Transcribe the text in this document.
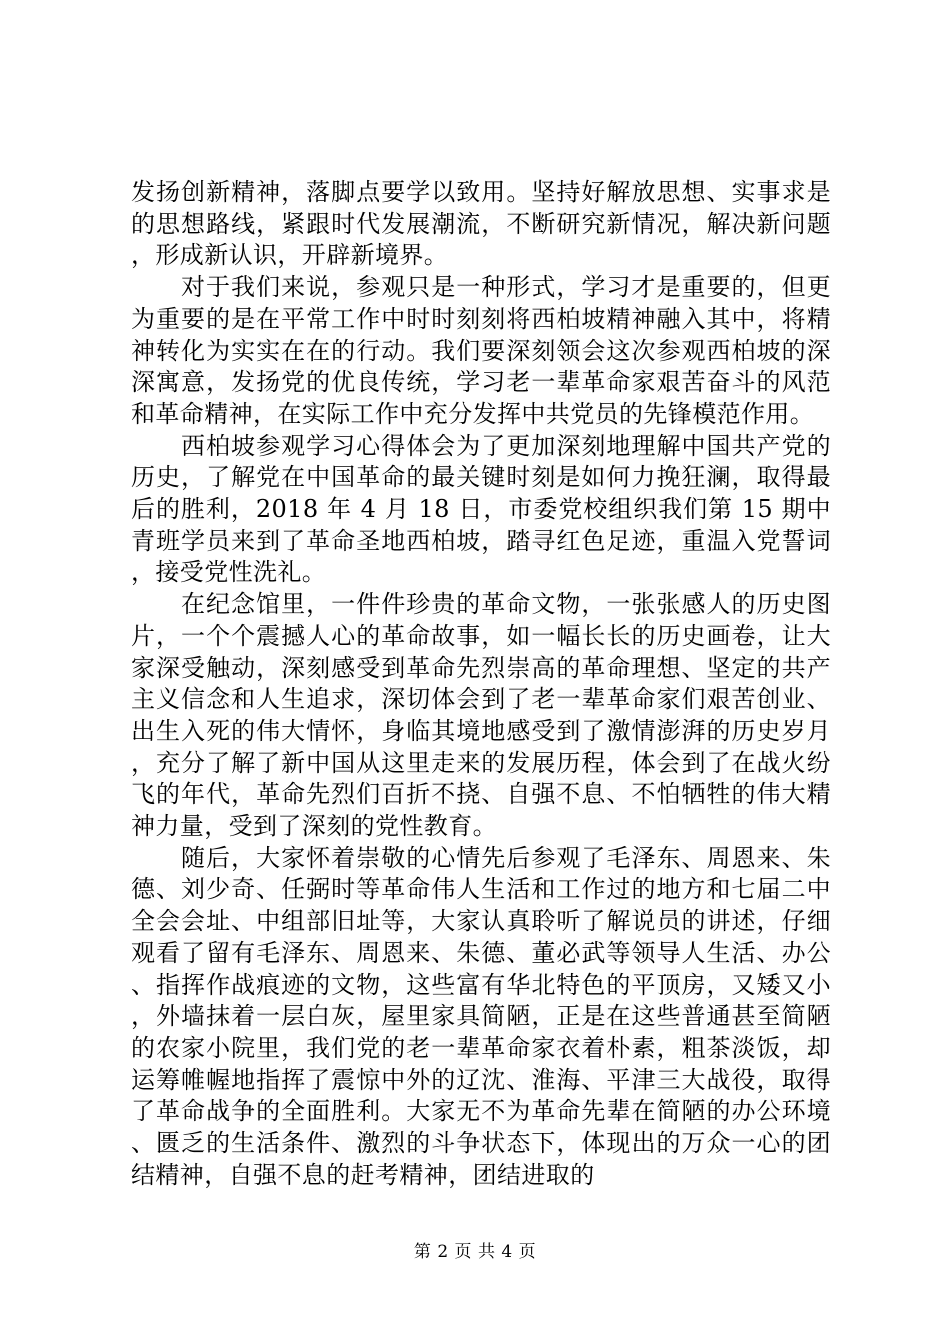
发扬创新精神，落脚点要学以致用。坚持好解放思想、实事求是的思想路线，紧跟时代发展潮流，不断研究新情况，解决新问题，形成新认识，开辟新境界。

对于我们来说，参观只是一种形式，学习才是重要的，但更为重要的是在平常工作中时时刻刻将西柏坡精神融入其中，将精神转化为实实在在的行动。我们要深刻领会这次参观西柏坡的深深寓意，发扬党的优良传统，学习老一辈革命家艰苦奋斗的风范和革命精神，在实际工作中充分发挥中共党员的先锋模范作用。

西柏坡参观学习心得体会为了更加深刻地理解中国共产党的历史，了解党在中国革命的最关键时刻是如何力挽狂澜，取得最后的胜利，2018 年 4 月 18 日，市委党校组织我们第 15 期中青班学员来到了革命圣地西柏坡，踏寻红色足迹，重温入党誓词，接受党性洗礼。

在纪念馆里，一件件珍贵的革命文物，一张张感人的历史图片，一个个震撼人心的革命故事，如一幅长长的历史画卷，让大家深受触动，深刻感受到革命先烈崇高的革命理想、坚定的共产主义信念和人生追求，深切体会到了老一辈革命家们艰苦创业、出生入死的伟大情怀，身临其境地感受到了激情澎湃的历史岁月，充分了解了新中国从这里走来的发展历程，体会到了在战火纷飞的年代，革命先烈们百折不挠、自强不息、不怕牺牲的伟大精神力量，受到了深刻的党性教育。

随后，大家怀着崇敬的心情先后参观了毛泽东、周恩来、朱德、刘少奇、任弼时等革命伟人生活和工作过的地方和七届二中全会会址、中组部旧址等，大家认真聆听了解说员的讲述，仔细观看了留有毛泽东、周恩来、朱德、董必武等领导人生活、办公、指挥作战痕迹的文物，这些富有华北特色的平顶房，又矮又小，外墙抹着一层白灰，屋里家具简陋，正是在这些普通甚至简陋的农家小院里，我们党的老一辈革命家衣着朴素，粗茶淡饭，却运筹帷幄地指挥了震惊中外的辽沈、淮海、平津三大战役，取得了革命战争的全面胜利。大家无不为革命先辈在简陋的办公环境、匮乏的生活条件、激烈的斗争状态下，体现出的万众一心的团结精神，自强不息的赶考精神，团结进取的

第 2 页 共 4 页
